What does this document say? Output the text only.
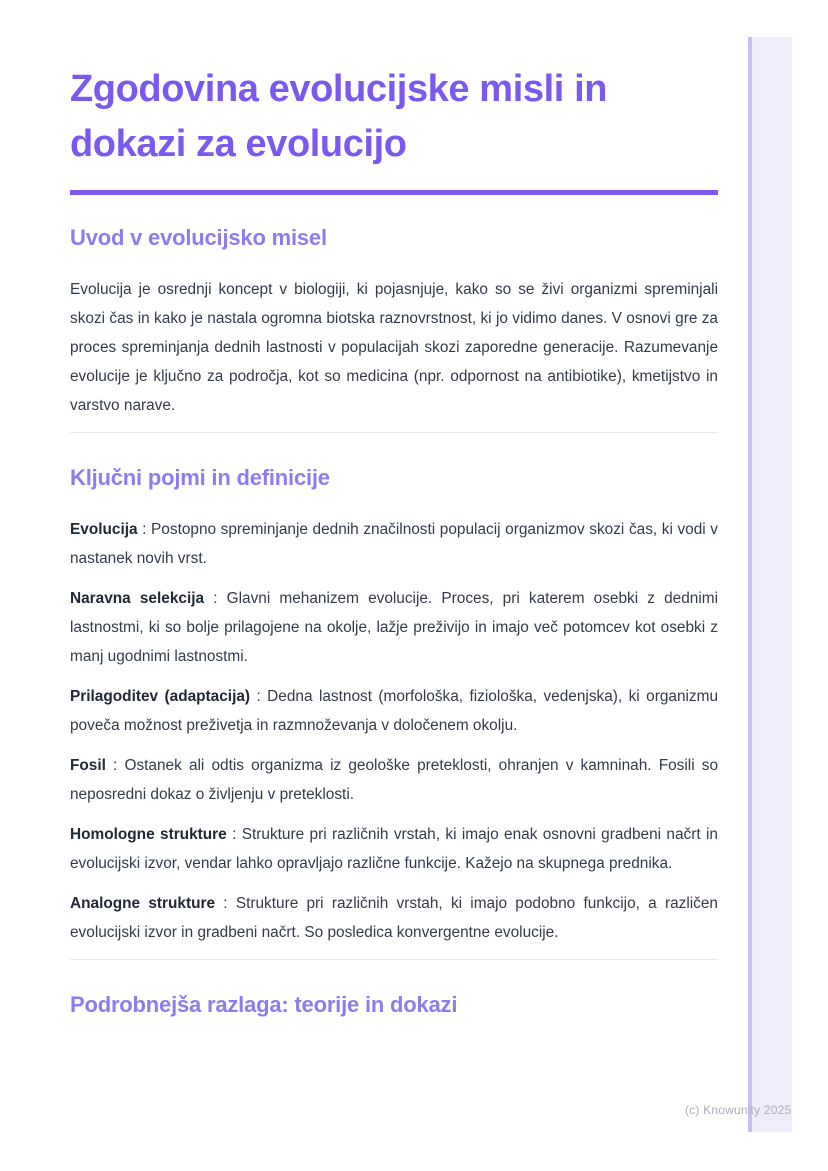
Zgodovina evolucijske misli in
dokazi za evolucijo
Uvod v evolucijsko misel

Evolucija je osrednji koncept v biologiji, ki pojasnjuje, kako so se živi organizmi spreminjali skozi čas in kako je nastala ogromna biotska raznovrstnost, ki jo vidimo danes. V osnovi gre za proces spreminjanja dednih lastnosti v populacijah skozi zaporedne generacije. Razumevanje evolucije je ključno za področja, kot so medicina (npr. odpornost na antibiotike), kmetijstvo in varstvo narave.

Ključni pojmi in definicije

Evolucija : Postopno spreminjanje dednih značilnosti populacij organizmov skozi čas, ki vodi v nastanek novih vrst.

Naravna selekcija : Glavni mehanizem evolucije. Proces, pri katerem osebki z dednimi lastnostmi, ki so bolje prilagojene na okolje, lažje preživijo in imajo več potomcev kot osebki z manj ugodnimi lastnostmi.

Prilagoditev (adaptacija) : Dedna lastnost (morfološka, fiziološka, vedenjska), ki organizmu poveča možnost preživetja in razmnoževanja v določenem okolju.

Fosil : Ostanek ali odtis organizma iz geološke preteklosti, ohranjen v kamninah. Fosili so neposredni dokaz o življenju v preteklosti.

Homologne strukture : Strukture pri različnih vrstah, ki imajo enak osnovni gradbeni načrt in evolucijski izvor, vendar lahko opravljajo različne funkcije. Kažejo na skupnega prednika.

Analogne strukture : Strukture pri različnih vrstah, ki imajo podobno funkcijo, a različen evolucijski izvor in gradbeni načrt. So posledica konvergentne evolucije.

Podrobnejša razlaga: teorije in dokazi
(c) Knowunity 2025
